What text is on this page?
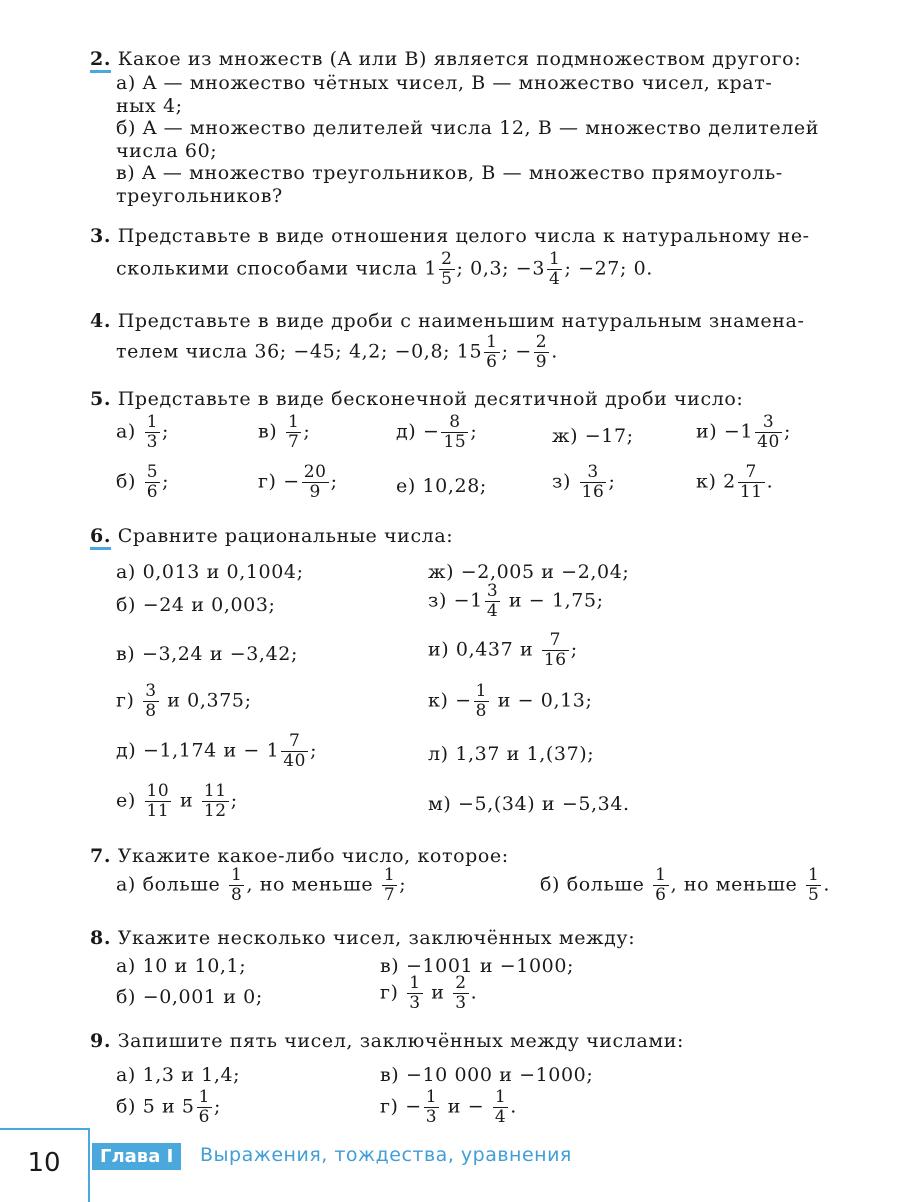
2. Какое из множеств (A или B) является подмножеством другого:
а) A — множество чётных чисел, B — множество чисел, крат-
ных 4;
б) A — множество делителей числа 12, B — множество делителей
числа 60;
в) A — множество треугольников, B — множество прямоуголь-
треугольников?
3. Представьте в виде отношения целого числа к натуральному не-
сколькими способами числа $1 \frac{2}{5}$ ; 0,3; $-3 \frac{1}{4}$ ; −27; 0.
4. Представьте в виде дроби с наименьшим натуральным знамена-
телем числа 36; −45; 4,2; −0,8; $15 \frac{1}{6}$ ; − $\frac{2}{9}$ .
5. Представьте в виде бесконечной десятичной дроби число:
$а) \frac{1}{3}$ ;	$в) \frac{1}{7}$ ;	$д) - \frac{8}{15}$ ;	ж) −17;	$и) -1 \frac{3}{40}$ ;
$б) \frac{5}{6}$ ;	$г) - \frac{20}{9}$ ;	е) 10,28;	$з) \frac{3}{16}$ ;	к) $2 \frac{7}{11}$ .
6. Сравните рациональные числа:
а) 0,013 и 0,1004;	ж) −2,005 и −2,04;
б) −24 и 0,003;	$з) -1 \frac{3}{4}$ и − 1,75;
в) −3,24 и −3,42;	и) 0,437 и $\frac{7}{16}$ ;
$г) \frac{3}{8}$ и 0,375;	$к) - \frac{1}{8}$ и − 0,13;
д) −1,174 $и - 1 \frac{7}{40}$ ;	л) 1,37 и 1,(37);
$е) \frac{10}{11}$ и $\frac{11}{12}$ ;	м) −5,(34) и −5,34.
7. Укажите какое-либо число, которое:
а) больше $\frac{1}{8}$ , но меньше $\frac{1}{7}$ ;	б) больше $\frac{1}{6}$ , но меньше $\frac{1}{5}$ .
8. Укажите несколько чисел, заключённых между:
а) 10 и 10,1;	в) −1001 и −1000;
б) −0,001 и 0;	$г) \frac{1}{3}$ и $\frac{2}{3}$ .
9. Запишите пять чисел, заключённых между числами:
а) 1,3 и 1,4;	в) −10 000 и −1000;
б) 5 и $5 \frac{1}{6}$ ;	$г) - \frac{1}{3}$ $и - \frac{1}{4}$ .
10	Глава I	Выражения, тождества, уравнения
